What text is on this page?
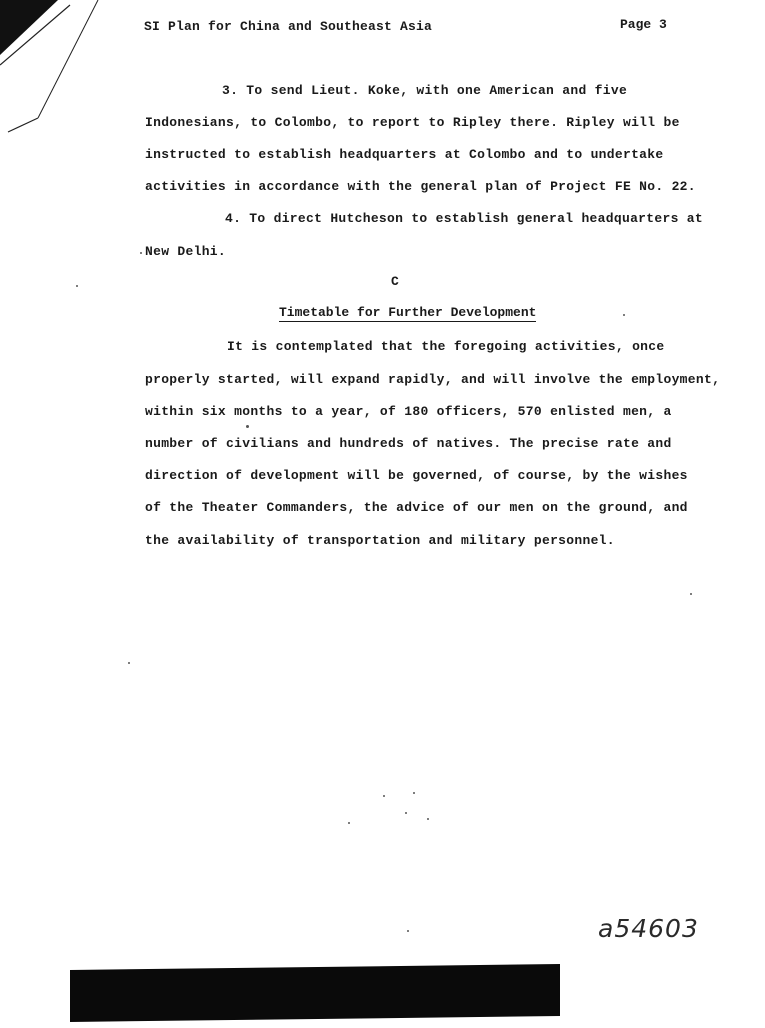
SI Plan for China and Southeast Asia	Page 3
3. To send Lieut. Koke, with one American and five
Indonesians, to Colombo, to report to Ripley there. Ripley will be
instructed to establish headquarters at Colombo and to undertake
activities in accordance with the general plan of Project FE No. 22.
4. To direct Hutcheson to establish general headquarters at
New Delhi.
C
Timetable for Further Development
It is contemplated that the foregoing activities, once
properly started, will expand rapidly, and will involve the employment,
within six months to a year, of 180 officers, 570 enlisted men, a
number of civilians and hundreds of natives. The precise rate and
direction of development will be governed, of course, by the wishes
of the Theater Commanders, the advice of our men on the ground, and
the availability of transportation and military personnel.
a54603
